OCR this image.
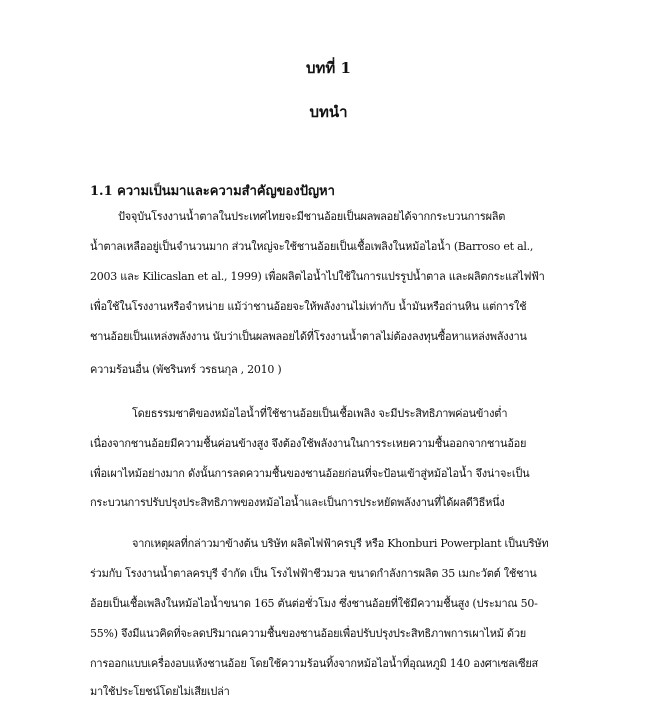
บทที่ 1
บทนำ
1.1 ความเป็นมาและความสำคัญของปัญหา
ปัจจุบันโรงงานน้ำตาลในประเทศไทยจะมีชานอ้อยเป็นผลพลอยได้จากกระบวนการผลิต
น้ำตาลเหลืออยู่เป็นจำนวนมาก ส่วนใหญ่จะใช้ชานอ้อยเป็นเชื้อเพลิงในหม้อไอน้ำ (Barroso et al.,
2003 และ Kilicaslan et al., 1999) เพื่อผลิตไอน้ำไปใช้ในการแปรรูปน้ำตาล และผลิตกระแสไฟฟ้า
เพื่อใช้ในโรงงานหรือจำหน่าย แม้ว่าชานอ้อยจะให้พลังงานไม่เท่ากับ น้ำมันหรือถ่านหิน แต่การใช้
ชานอ้อยเป็นแหล่งพลังงาน นับว่าเป็นผลพลอยได้ที่โรงงานน้ำตาลไม่ต้องลงทุนซื้อหาแหล่งพลังงาน
ความร้อนอื่น (พัชรินทร์ วรธนกุล , 2010 )
โดยธรรมชาติของหม้อไอน้ำที่ใช้ชานอ้อยเป็นเชื้อเพลิง จะมีประสิทธิภาพค่อนข้างต่ำ
เนื่องจากชานอ้อยมีความชื้นค่อนข้างสูง จึงต้องใช้พลังงานในการระเหยความชื้นออกจากชานอ้อย
เพื่อเผาไหม้อย่างมาก ดังนั้นการลดความชื้นของชานอ้อยก่อนที่จะป้อนเข้าสู่หม้อไอน้ำ จึงน่าจะเป็น
กระบวนการปรับปรุงประสิทธิภาพของหม้อไอน้ำและเป็นการประหยัดพลังงานที่ได้ผลดีวิธีหนึ่ง
จากเหตุผลที่กล่าวมาข้างต้น บริษัท ผลิตไฟฟ้าครบุรี หรือ Khonburi Powerplant เป็นบริษัท
ร่วมกับ โรงงานน้ำตาลครบุรี จำกัด เป็น โรงไฟฟ้าชีวมวล ขนาดกำลังการผลิต 35 เมกะวัตต์ ใช้ชาน
อ้อยเป็นเชื้อเพลิงในหม้อไอน้ำขนาด 165 ตันต่อชั่วโมง ซึ่งชานอ้อยที่ใช้มีความชื้นสูง (ประมาณ 50-
55%) จึงมีแนวคิดที่จะลดปริมาณความชื้นของชานอ้อยเพื่อปรับปรุงประสิทธิภาพการเผาไหม้ ด้วย
การออกแบบเครื่องอบแห้งชานอ้อย โดยใช้ความร้อนทิ้งจากหม้อไอน้ำที่อุณหภูมิ 140 องศาเซลเซียส
มาใช้ประโยชน์โดยไม่เสียเปล่า
